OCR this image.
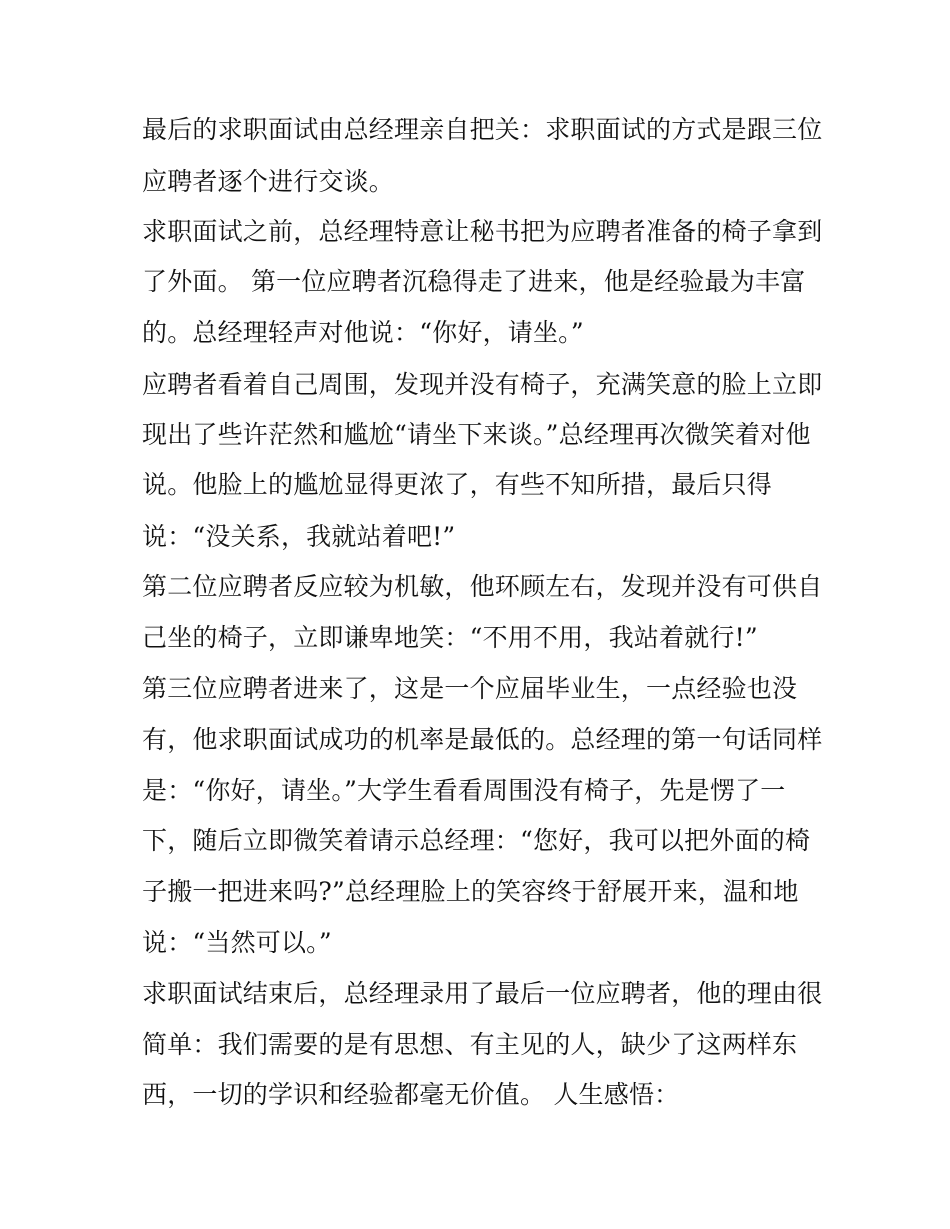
最后的求职面试由总经理亲自把关：求职面试的方式是跟三位
应聘者逐个进行交谈。
求职面试之前，总经理特意让秘书把为应聘者准备的椅子拿到
了外面。 第一位应聘者沉稳得走了进来，他是经验最为丰富
的。总经理轻声对他说：“你好，请坐。”
应聘者看着自己周围，发现并没有椅子，充满笑意的脸上立即
现出了些许茫然和尴尬“请坐下来谈。”总经理再次微笑着对他
说。他脸上的尴尬显得更浓了，有些不知所措，最后只得
说：“没关系，我就站着吧!”
第二位应聘者反应较为机敏，他环顾左右，发现并没有可供自
己坐的椅子，立即谦卑地笑：“不用不用，我站着就行!”
第三位应聘者进来了，这是一个应届毕业生，一点经验也没
有，他求职面试成功的机率是最低的。总经理的第一句话同样
是：“你好，请坐。”大学生看看周围没有椅子，先是愣了一
下，随后立即微笑着请示总经理：“您好，我可以把外面的椅
子搬一把进来吗?”总经理脸上的笑容终于舒展开来，温和地
说：“当然可以。”
求职面试结束后，总经理录用了最后一位应聘者，他的理由很
简单：我们需要的是有思想、有主见的人，缺少了这两样东
西，一切的学识和经验都毫无价值。 人生感悟：
